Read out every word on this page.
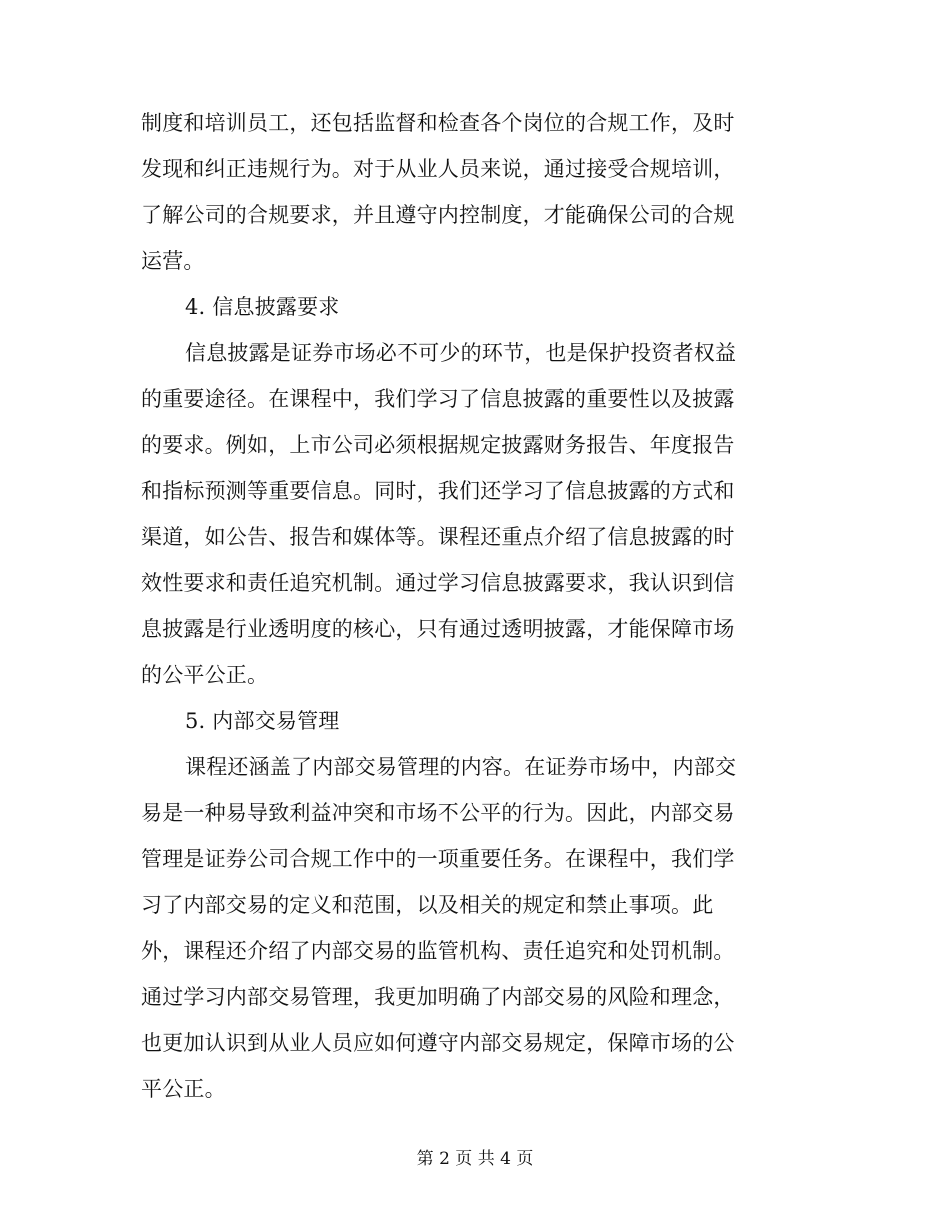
制度和培训员工，还包括监督和检查各个岗位的合规工作，及时
发现和纠正违规行为。对于从业人员来说，通过接受合规培训，
了解公司的合规要求，并且遵守内控制度，才能确保公司的合规
运营。
4. 信息披露要求
信息披露是证券市场必不可少的环节，也是保护投资者权益
的重要途径。在课程中，我们学习了信息披露的重要性以及披露
的要求。例如，上市公司必须根据规定披露财务报告、年度报告
和指标预测等重要信息。同时，我们还学习了信息披露的方式和
渠道，如公告、报告和媒体等。课程还重点介绍了信息披露的时
效性要求和责任追究机制。通过学习信息披露要求，我认识到信
息披露是行业透明度的核心，只有通过透明披露，才能保障市场
的公平公正。
5. 内部交易管理
课程还涵盖了内部交易管理的内容。在证券市场中，内部交
易是一种易导致利益冲突和市场不公平的行为。因此，内部交易
管理是证券公司合规工作中的一项重要任务。在课程中，我们学
习了内部交易的定义和范围，以及相关的规定和禁止事项。此
外，课程还介绍了内部交易的监管机构、责任追究和处罚机制。
通过学习内部交易管理，我更加明确了内部交易的风险和理念，
也更加认识到从业人员应如何遵守内部交易规定，保障市场的公
平公正。
第 2 页 共 4 页
